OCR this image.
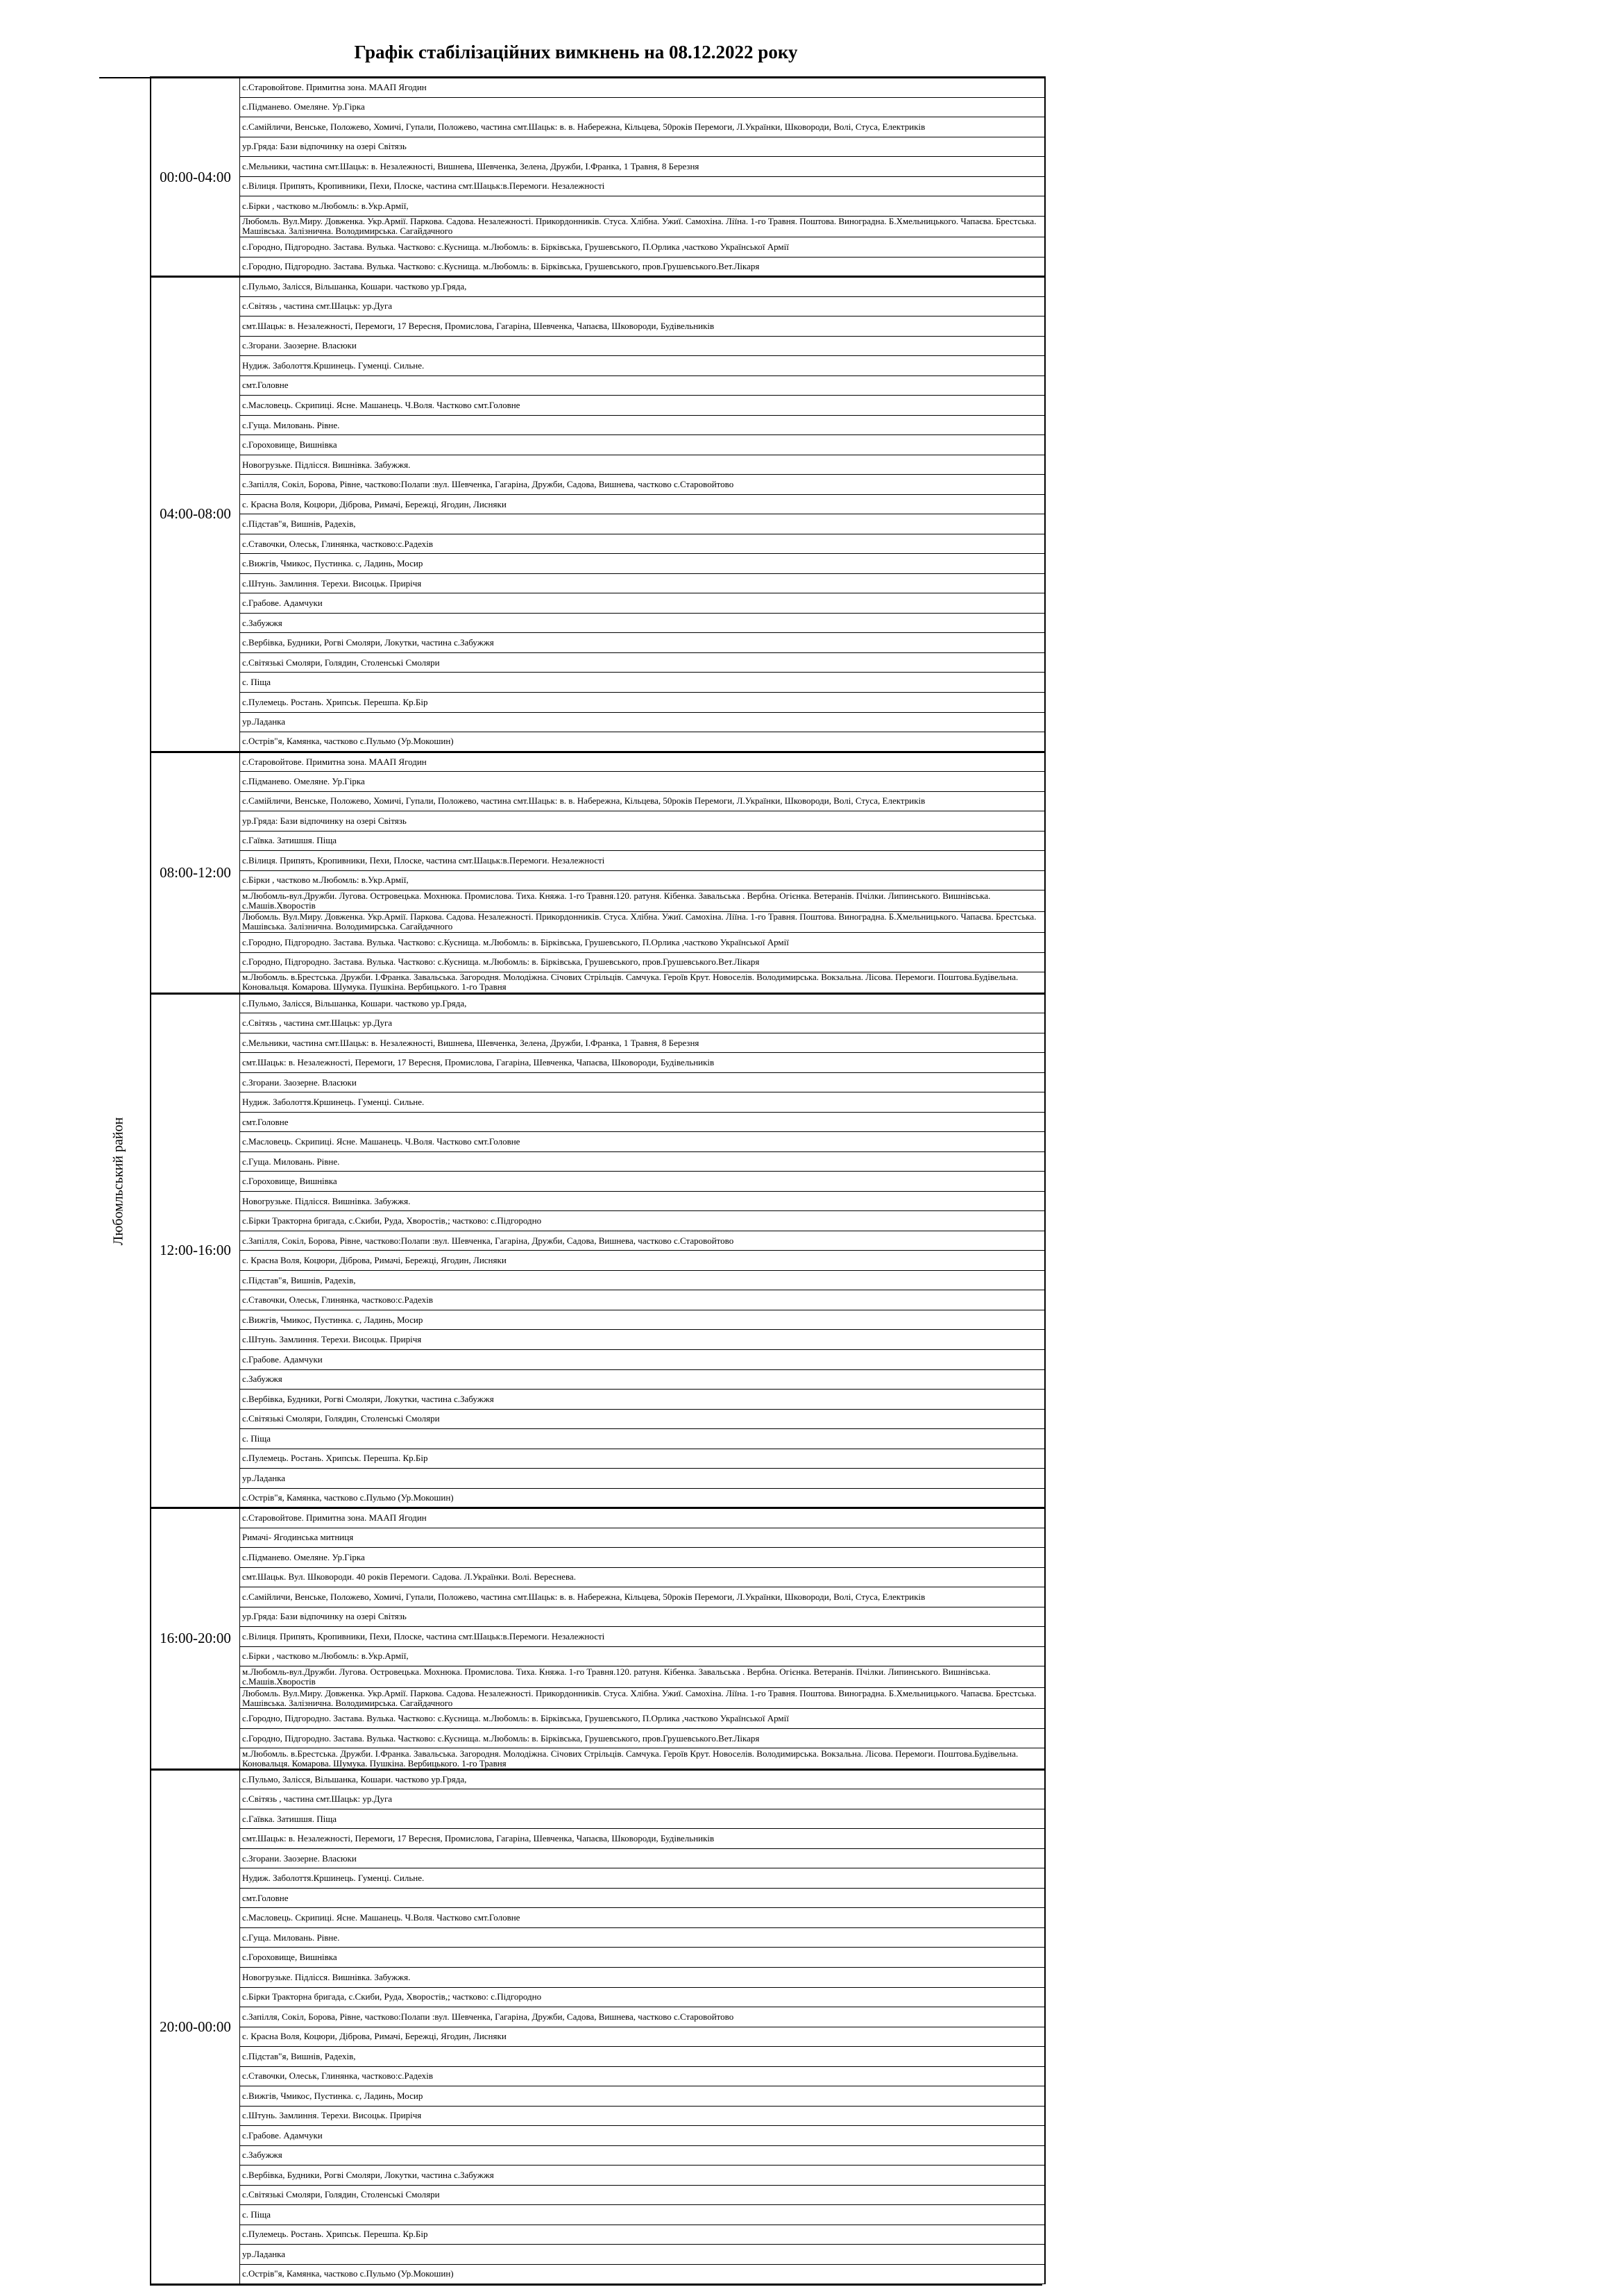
Графік стабілізаційних вимкнень на 08.12.2022 року
Любомльський район	00:00-04:00	с.Старовойтове. Примитна зона. МААП Ягодин
		с.Підманево. Омеляне. Ур.Гірка
		с.Самійличи, Венське, Положево, Хомичі, Гупали, Положево, частина смт.Шацьк: в. в. Набережна, Кільцева, 50років Перемоги, Л.Українки, Шковороди, Волі, Стуса, Електриків
		ур.Гряда: Бази відпочинку на озері Світязь
		с.Мельники, частина смт.Шацьк: в. Незалежності, Вишнева, Шевченка, Зелена, Дружби, І.Франка, 1 Травня, 8 Березня
		с.Вілиця. Припять, Кропивники, Пехи, Плоске, частина смт.Шацьк:в.Перемоги. Незалежності
		с.Бірки , частково м.Любомль: в.Укр.Армії,
		Любомль. Вул.Миру. Довженка. Укр.Армії. Паркова. Садова. Незалежності. Прикордонників. Стуса. Хлібна. Ужиї. Самохіна. Ліїна. 1-го Травня. Поштова. Виноградна. Б.Хмельницького. Чапаєва. Брестська. Машівська. Залізнична. Володимирська. Сагайдачного
		с.Городно, Підгородно. Застава. Вулька. Частково: с.Куснища. м.Любомль: в. Бірківська, Грушевського, П.Орлика ,частково Української Армії
		с.Городно, Підгородно. Застава. Вулька. Частково: с.Куснища. м.Любомль: в. Бірківська, Грушевського, пров.Грушевського.Вет.Лікаря
	04:00-08:00	с.Пульмо, Залісся, Вільшанка, Кошари. частково ур.Гряда,
		с.Світязь , частина смт.Шацьк: ур.Дуга
		смт.Шацьк: в. Незалежності, Перемоги, 17 Вересня, Промислова, Гагаріна, Шевченка, Чапаєва, Шковороди, Будівельників
		с.Згорани. Заозерне. Власюки
		Нудиж. Заболоття.Кршинець. Гуменці. Сильне.
		смт.Головне
		с.Масловець. Скрипиці. Ясне. Машанець. Ч.Воля. Частково смт.Головне
		с.Гуща. Миловань. Рівне.
		с.Гороховище, Вишнівка
		Новогрузьке. Підлісся. Вишнівка. Забужжя.
		с.Запілля, Сокіл, Борова, Рівне, частково:Полапи :вул. Шевченка, Гагаріна, Дружби, Садова, Вишнева, частково с.Старовойтово
		с. Красна Воля, Коцюри, Діброва, Римачі, Бережці, Ягодин, Лисняки
		с.Підстав"я, Вишнів, Радехів,
		с.Ставочки, Олеськ, Глинянка, частково:с.Радехів
		с.Вижгів, Чмикос, Пустинка. с, Ладинь, Мосир
		с.Штунь. Замлиння. Терехи. Висоцьк. Прирічя
		с.Грабове. Адамчуки
		с.Забужжя
		с.Вербівка, Будники, Рогві Смоляри, Локутки, частина с.Забужжя
		с.Світязькі Смоляри, Голядин, Столенські Смоляри
		с. Піща
		с.Пулемець. Ростань. Хрипськ. Перешпа. Кр.Бір
		ур.Ладанка
		с.Острів"я, Камянка, частково с.Пульмо (Ур.Мокошин)
	08:00-12:00	с.Старовойтове. Примитна зона. МААП Ягодин
		с.Підманево. Омеляне. Ур.Гірка
		с.Самійличи, Венське, Положево, Хомичі, Гупали, Положево, частина смт.Шацьк: в. в. Набережна, Кільцева, 50років Перемоги, Л.Українки, Шковороди, Волі, Стуса, Електриків
		ур.Гряда: Бази відпочинку на озері Світязь
		с.Гаївка. Затишшя. Піща
		с.Вілиця. Припять, Кропивники, Пехи, Плоске, частина смт.Шацьк:в.Перемоги. Незалежності
		с.Бірки , частково м.Любомль: в.Укр.Армії,
		м.Любомль-вул.Дружби. Лугова. Островецька. Мохнюка. Промислова. Тиха. Княжа. 1-го Травня.120. ратуня. Кібенка. Завальська . Вербна. Огієнка. Ветеранів. Пчілки. Липинського. Вишнівська. с.Машів.Хворостів
		Любомль. Вул.Миру. Довженка. Укр.Армії. Паркова. Садова. Незалежності. Прикордонників. Стуса. Хлібна. Ужиї. Самохіна. Ліїна. 1-го Травня. Поштова. Виноградна. Б.Хмельницького. Чапаєва. Брестська. Машівська. Залізнична. Володимирська. Сагайдачного
		с.Городно, Підгородно. Застава. Вулька. Частково: с.Куснища. м.Любомль: в. Бірківська, Грушевського, П.Орлика ,частково Української Армії
		с.Городно, Підгородно. Застава. Вулька. Частково: с.Куснища. м.Любомль: в. Бірківська, Грушевського, пров.Грушевського.Вет.Лікаря
		м.Любомль. в.Брестська. Дружби. І.Франка. Завальська. Загородня. Молодіжна. Січових Стрільців. Самчука. Героїв Крут. Новоселів. Володимирська. Вокзальна. Лісова. Перемоги. Поштова.Будівельна. Коновальця. Комарова. Шумука. Пушкіна. Вербицького. 1-го Травня
	12:00-16:00	с.Пульмо, Залісся, Вільшанка, Кошари. частково ур.Гряда,
		с.Світязь , частина смт.Шацьк: ур.Дуга
		с.Мельники, частина смт.Шацьк: в. Незалежності, Вишнева, Шевченка, Зелена, Дружби, І.Франка, 1 Травня, 8 Березня
		смт.Шацьк: в. Незалежності, Перемоги, 17 Вересня, Промислова, Гагаріна, Шевченка, Чапаєва, Шковороди, Будівельників
		с.Згорани. Заозерне. Власюки
		Нудиж. Заболоття.Кршинець. Гуменці. Сильне.
		смт.Головне
		с.Масловець. Скрипиці. Ясне. Машанець. Ч.Воля. Частково смт.Головне
		с.Гуща. Миловань. Рівне.
		с.Гороховище, Вишнівка
		Новогрузьке. Підлісся. Вишнівка. Забужжя.
		с.Бірки Тракторна бригада, с.Скиби, Руда, Хворостів,; частково: с.Підгородно
		с.Запілля, Сокіл, Борова, Рівне, частково:Полапи :вул. Шевченка, Гагаріна, Дружби, Садова, Вишнева, частково с.Старовойтово
		с. Красна Воля, Коцюри, Діброва, Римачі, Бережці, Ягодин, Лисняки
		с.Підстав"я, Вишнів, Радехів,
		с.Ставочки, Олеськ, Глинянка, частково:с.Радехів
		с.Вижгів, Чмикос, Пустинка. с, Ладинь, Мосир
		с.Штунь. Замлиння. Терехи. Висоцьк. Прирічя
		с.Грабове. Адамчуки
		с.Забужжя
		с.Вербівка, Будники, Рогві Смоляри, Локутки, частина с.Забужжя
		с.Світязькі Смоляри, Голядин, Столенські Смоляри
		с. Піща
		с.Пулемець. Ростань. Хрипськ. Перешпа. Кр.Бір
		ур.Ладанка
		с.Острів"я, Камянка, частково с.Пульмо (Ур.Мокошин)
	16:00-20:00	с.Старовойтове. Примитна зона. МААП Ягодин
		Римачі- Ягодинська митниця
		с.Підманево. Омеляне. Ур.Гірка
		смт.Шацьк. Вул. Шковороди. 40 років Перемоги. Садова. Л.Українки. Волі. Вереснева.
		с.Самійличи, Венське, Положево, Хомичі, Гупали, Положево, частина смт.Шацьк: в. в. Набережна, Кільцева, 50років Перемоги, Л.Українки, Шковороди, Волі, Стуса, Електриків
		ур.Гряда: Бази відпочинку на озері Світязь
		с.Вілиця. Припять, Кропивники, Пехи, Плоске, частина смт.Шацьк:в.Перемоги. Незалежності
		с.Бірки , частково м.Любомль: в.Укр.Армії,
		м.Любомль-вул.Дружби. Лугова. Островецька. Мохнюка. Промислова. Тиха. Княжа. 1-го Травня.120. ратуня. Кібенка. Завальська . Вербна. Огієнка. Ветеранів. Пчілки. Липинського. Вишнівська. с.Машів.Хворостів
		Любомль. Вул.Миру. Довженка. Укр.Армії. Паркова. Садова. Незалежності. Прикордонників. Стуса. Хлібна. Ужиї. Самохіна. Ліїна. 1-го Травня. Поштова. Виноградна. Б.Хмельницького. Чапаєва. Брестська. Машівська. Залізнична. Володимирська. Сагайдачного
		с.Городно, Підгородно. Застава. Вулька. Частково: с.Куснища. м.Любомль: в. Бірківська, Грушевського, П.Орлика ,частково Української Армії
		с.Городно, Підгородно. Застава. Вулька. Частково: с.Куснища. м.Любомль: в. Бірківська, Грушевського, пров.Грушевського.Вет.Лікаря
		м.Любомль. в.Брестська. Дружби. І.Франка. Завальська. Загородня. Молодіжна. Січових Стрільців. Самчука. Героїв Крут. Новоселів. Володимирська. Вокзальна. Лісова. Перемоги. Поштова.Будівельна. Коновальця. Комарова. Шумука. Пушкіна. Вербицького. 1-го Травня
	20:00-00:00	с.Пульмо, Залісся, Вільшанка, Кошари. частково ур.Гряда,
		с.Світязь , частина смт.Шацьк: ур.Дуга
		с.Гаївка. Затишшя. Піща
		смт.Шацьк: в. Незалежності, Перемоги, 17 Вересня, Промислова, Гагаріна, Шевченка, Чапаєва, Шковороди, Будівельників
		с.Згорани. Заозерне. Власюки
		Нудиж. Заболоття.Кршинець. Гуменці. Сильне.
		смт.Головне
		с.Масловець. Скрипиці. Ясне. Машанець. Ч.Воля. Частково смт.Головне
		с.Гуща. Миловань. Рівне.
		с.Гороховище, Вишнівка
		Новогрузьке. Підлісся. Вишнівка. Забужжя.
		с.Бірки Тракторна бригада, с.Скиби, Руда, Хворостів,; частково: с.Підгородно
		с.Запілля, Сокіл, Борова, Рівне, частково:Полапи :вул. Шевченка, Гагаріна, Дружби, Садова, Вишнева, частково с.Старовойтово
		с. Красна Воля, Коцюри, Діброва, Римачі, Бережці, Ягодин, Лисняки
		с.Підстав"я, Вишнів, Радехів,
		с.Ставочки, Олеськ, Глинянка, частково:с.Радехів
		с.Вижгів, Чмикос, Пустинка. с, Ладинь, Мосир
		с.Штунь. Замлиння. Терехи. Висоцьк. Прирічя
		с.Грабове. Адамчуки
		с.Забужжя
		с.Вербівка, Будники, Рогві Смоляри, Локутки, частина с.Забужжя
		с.Світязькі Смоляри, Голядин, Столенські Смоляри
		с. Піща
		с.Пулемець. Ростань. Хрипськ. Перешпа. Кр.Бір
		ур.Ладанка
		с.Острів"я, Камянка, частково с.Пульмо (Ур.Мокошин)
